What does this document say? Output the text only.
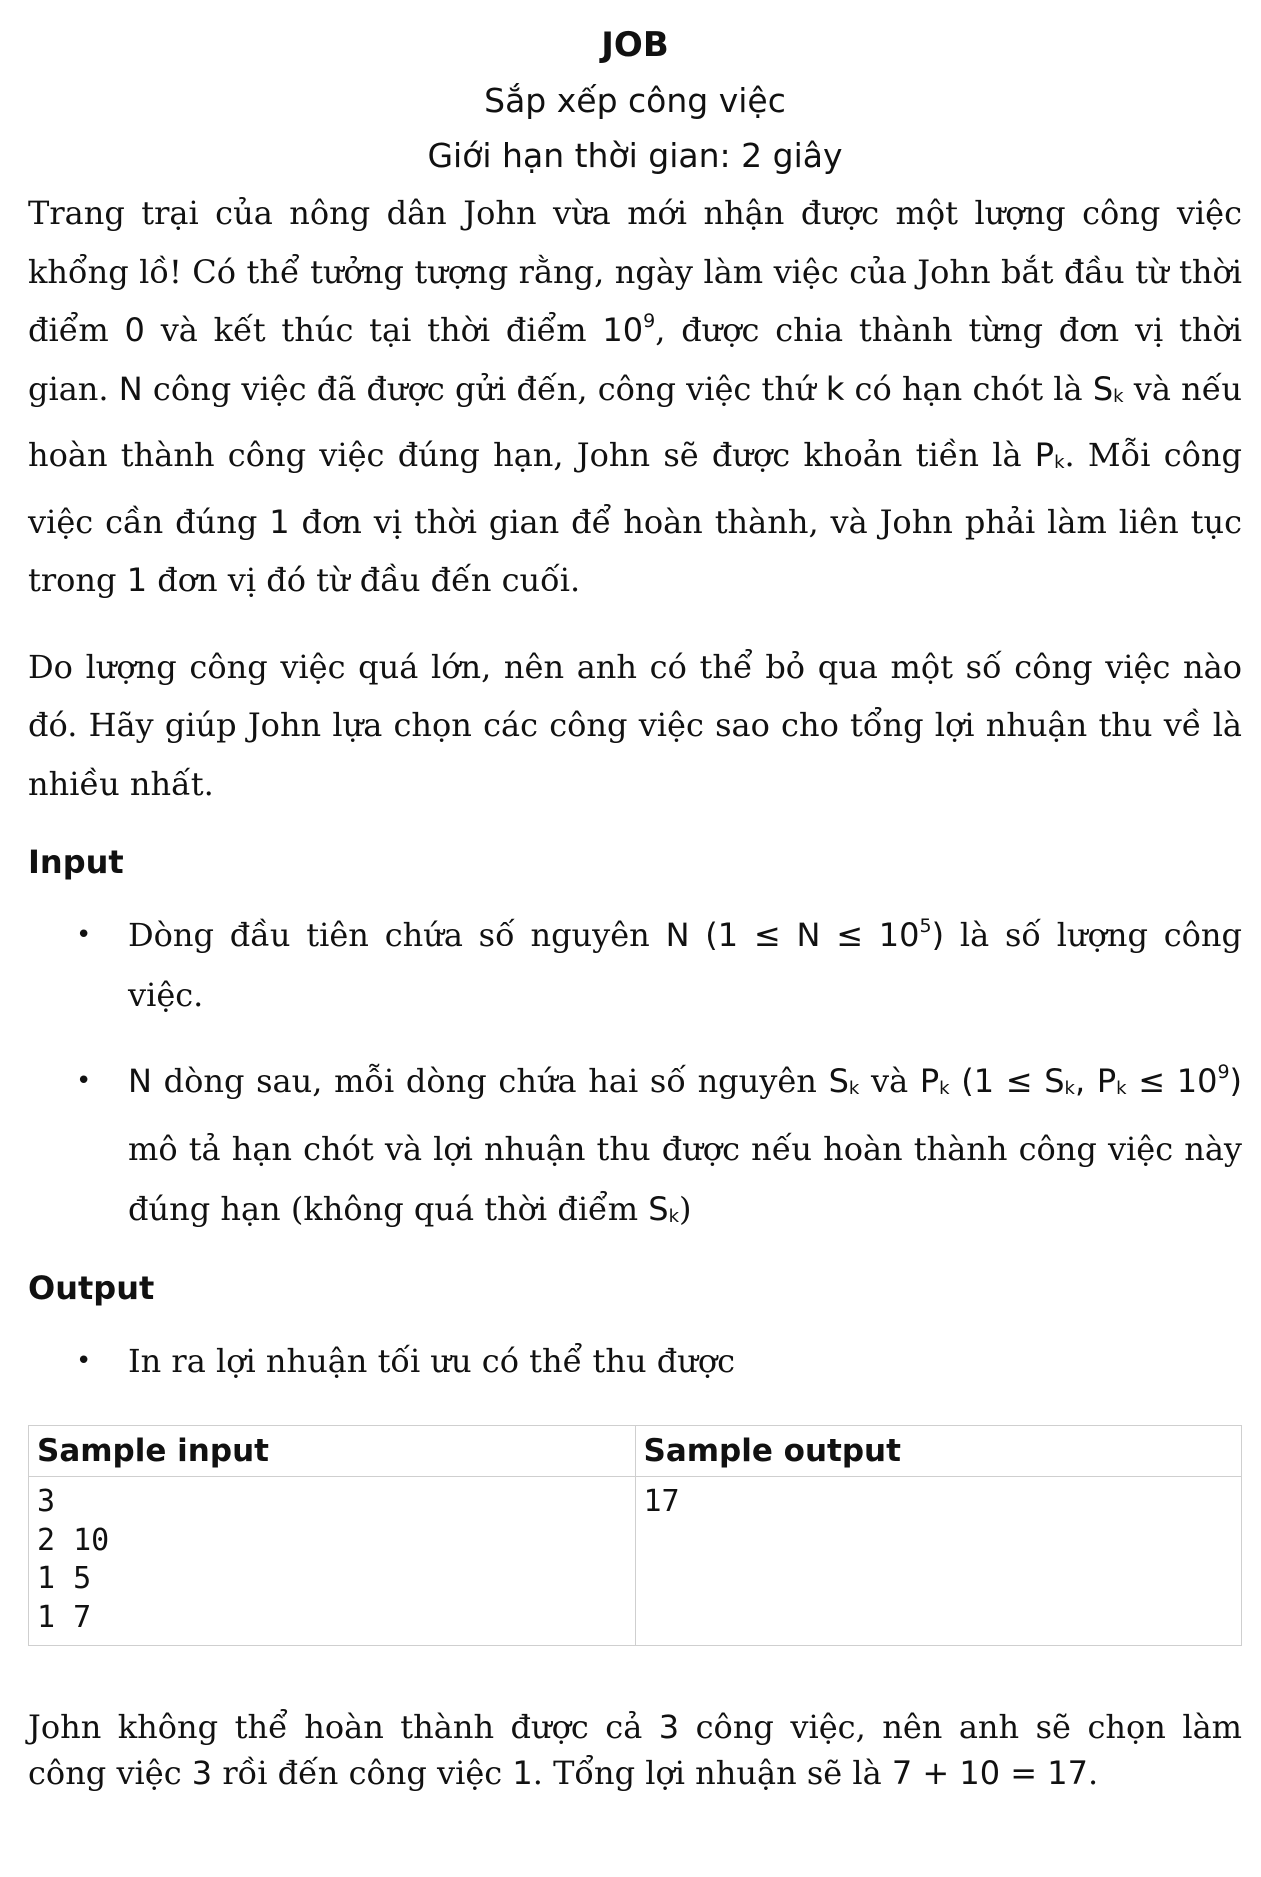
JOB
Sắp xếp công việc
Giới hạn thời gian: 2 giây

Trang trại của nông dân John vừa mới nhận được một lượng công việc khổng lồ! Có thể tưởng tượng rằng, ngày làm việc của John bắt đầu từ thời điểm 0 và kết thúc tại thời điểm $10^9$, được chia thành từng đơn vị thời gian. N công việc đã được gửi đến, công việc thứ k có hạn chót là Sk và nếu hoàn thành công việc đúng hạn, John sẽ được khoản tiền là Pk. Mỗi công việc cần đúng 1 đơn vị thời gian để hoàn thành, và John phải làm liên tục trong 1 đơn vị đó từ đầu đến cuối.

Do lượng công việc quá lớn, nên anh có thể bỏ qua một số công việc nào đó. Hãy giúp John lựa chọn các công việc sao cho tổng lợi nhuận thu về là nhiều nhất.

Input
• Dòng đầu tiên chứa số nguyên N $(1 \le N \le 10^5)$ là số lượng công việc.
• N dòng sau, mỗi dòng chứa hai số nguyên Sk và Pk (1 ≤ Sk, $Pk \le 10^9$) mô tả hạn chót và lợi nhuận thu được nếu hoàn thành công việc này đúng hạn (không quá thời điểm Sk)
Output
• In ra lợi nhuận tối ưu có thể thu được
Sample input	Sample output
3
2 10
1 5
1 7	17

John không thể hoàn thành được cả 3 công việc, nên anh sẽ chọn làm công việc 3 rồi đến công việc 1. Tổng lợi nhuận sẽ là 7 + 10 = 17.
